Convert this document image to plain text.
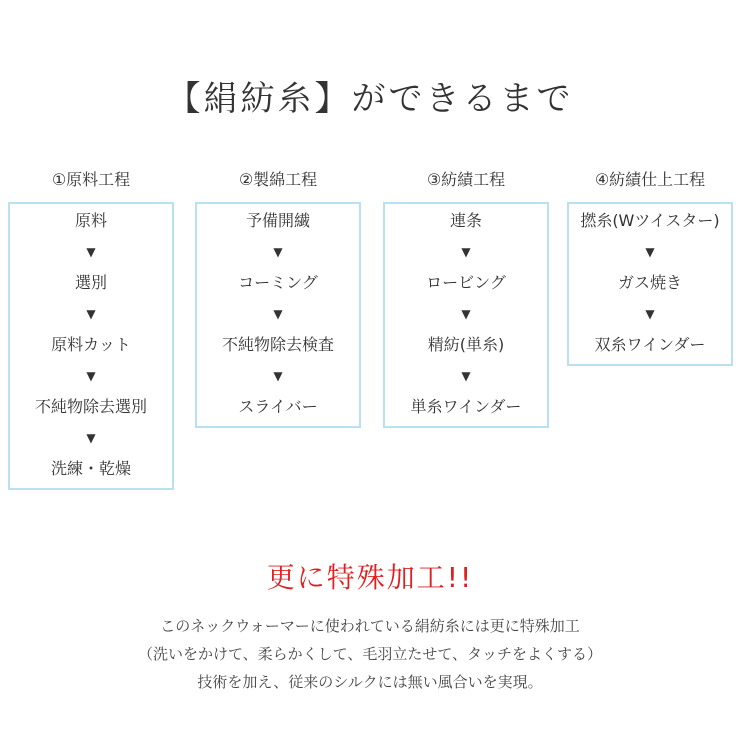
【絹紡糸】ができるまで
①原料工程
原料
▼
選別
▼
原料カット
▼
不純物除去選別
▼
洗練・乾燥
②製綿工程
予備開繊
▼
コーミング
▼
不純物除去検査
▼
スライバー
③紡績工程
連条
▼
ロービング
▼
精紡(単糸)
▼
単糸ワインダー
④紡績仕上工程
撚糸(Wツイスター)
▼
ガス焼き
▼
双糸ワインダー
更に特殊加工!!
このネックウォーマーに使われている絹紡糸には更に特殊加工
（洗いをかけて、柔らかくして、毛羽立たせて、タッチをよくする）
技術を加え、従来のシルクには無い風合いを実現。
